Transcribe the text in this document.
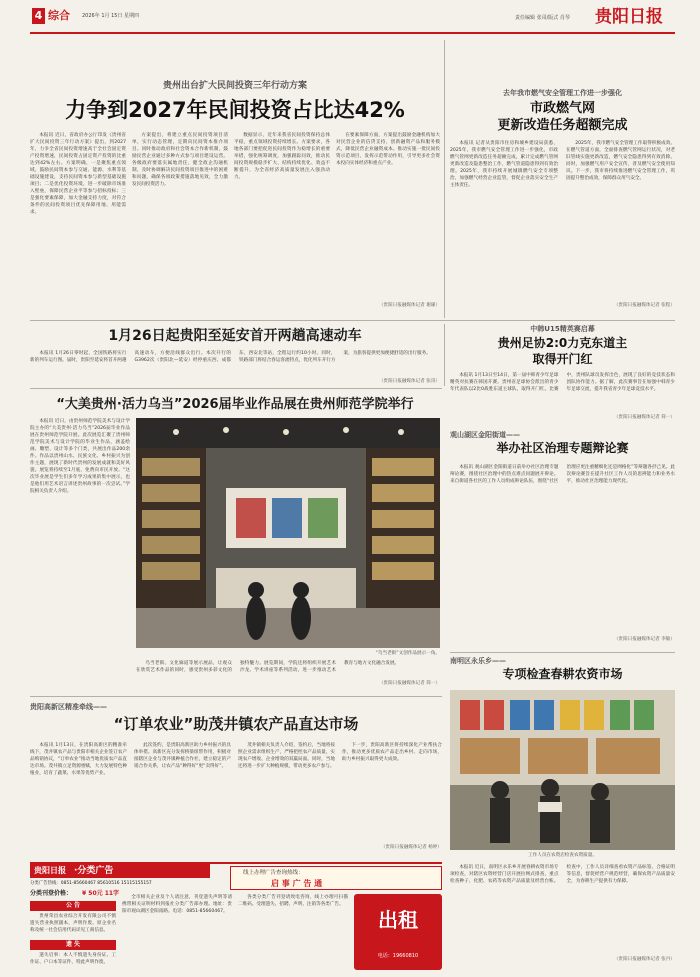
4 综合 2026年 1月 15日 星期四	责任编辑 张哥/版式 肖琴 贵阳日报
贵州出台扩大民间投资三年行动方案
力争到2027年民间投资占比达42%

本报讯 近日，省政府办公厅印发《贵州省扩大民间投资三年行动方案》提出，到2027年，力争全省民间投资增速高于全社会固定资产投资增速，民间投资占固定资产投资的比重达到42%左右。方案明确，一是聚焦重点领域，鼓励民间资本参与交通、能源、水利等基础设施建设，支持民间资本参与新型基础设施项目；二是优化投资环境，进一步破除市场准入壁垒，保障民营企业平等参与招标投标；三是强化要素保障，加大金融支持力度，对符合条件的民间投资项目优先保障用地、用能需求。

方案提出，将建立重点民间投资项目清单，实行动态管理，定期向民间资本推介项目。同时推动政府和社会资本合作新机制，鼓励民营企业通过多种方式参与项目建设运营。各级政府要落实属地责任，健全政企沟通机制，及时协调解决民间投资项目推进中的困难和问题，确保各项政策措施落地见效，全力激发民间投资活力。

数据显示，近年来我省民间投资保持总体平稳，重点领域投资持续增长。方案要求，各地各部门要把促进民间投资作为稳增长的重要举措，强化统筹调度，加强跟踪问效，推动民间投资规模稳步扩大、结构持续优化、效益不断提升，为全省经济高质量发展注入强劲动力。

在要素保障方面，方案提出鼓励金融机构加大对民营企业的信贷支持，创新融资产品和服务模式，降低民营企业融资成本。推动实施一批民间投资示范项目，发挥示范带动作用，引导更多社会资本投向实体经济和重点产业。

（贵阳日报融媒体记者 谢谦）
去年我市燃气安全管理工作进一步强化
市政燃气网
更新改造任务超额完成

本报讯 记者从贵阳市住房和城乡建设局获悉，2025年，我市燃气安全管理工作进一步强化，市政燃气管网更新改造任务超额完成，累计完成燃气管网更新改造及隐患整治工作，燃气管道隐患得到有效治理。2025年，我市持续开展城镇燃气安全专项整治，加强燃气经营企业监管，督促企业落实安全生产主体责任。

2025年，我市燃气安全管理工作取得积极成效。在燃气管道方面，全面排查燃气管网运行状况，对老旧管线实施更新改造，燃气安全隐患得到有效消除。同时，加强燃气用户安全宣传，普及燃气安全使用知识。下一步，我市将持续推进燃气安全管理工作，巩固提升整治成效，保障群众用气安全。

（贵阳日报融媒体记者 张程）
1月26日起贵阳至延安首开两趟高速动车

本报讯 1月26日零时起，全国铁路将实行新的列车运行图。届时，贵阳至延安将首开两趟高速动车，方便沿线群众出行。本次开行的G3962次（贵阳北—延安）经停重庆西、成都东、西安北等站，全程运行约10小时。同时，铁路部门将结合春运客流特点，优化列车开行方案，为旅客提供更加便捷舒适的出行服务。

（贵阳日报融媒体记者 张哥）
中韩U15精英赛启幕
贵州足协2:0力克东道主
取得开门红

本报讯 1月13日至14日，第一届中韩青少年足球精英对抗赛在韩国开赛。贵州省足球协会派出的青少年代表队以2比0战胜东道主球队，取得开门红。比赛中，贵州队球员发挥出色，展现了良好的竞技状态和团队协作能力。据了解，此次赛事旨在加强中韩青少年足球交流，提升我省青少年足球竞技水平。

（贵阳日报融媒体记者 简一）
“大美贵州·活力乌当”2026届毕业作品展在贵州师范学院举行

本报讯 近日，由贵州师范学院美术与设计学院主办的“大美贵州·活力乌当”2026届毕业作品展在贵州师范学院开展。此次展览汇聚了贵州师范学院美术与设计学院的毕业生作品，涵盖绘画、雕塑、设计等多个门类，共展出作品200余件。作品以贵州山水、民族文化、乡村振兴为创作主题，展现了新时代贵州的发展成就和美好风貌。展览将持续至1月底，免费向市民开放。“这次毕业展是学生们多年学习成果的集中展示，也是他们用艺术语言讲述贵州故事的一次尝试。”学院相关负责人介绍。

“乌当老街”文创作品展示一角。

乌当老街、文化廊道等展示展品，让观众在欣赏艺术作品的同时，感受贵州多彩文化的独特魅力。展览期间，学院还将组织开展艺术沙龙、学术讲座等系列活动，进一步推动艺术教育与地方文化融合发展。

（贵阳日报融媒体记者 简一）
观山湖区金阳街道——
举办社区治理专题辩论赛

本报讯 观山湖区金阳街道日前举办社区治理专题辩论赛，围绕社区治理中的热点难点问题展开辩论。来自街道各社区的工作人员组成辩论队伍，围绕“社区治理应更注重精细化还是网格化”等辩题各抒己见。此次辩论赛旨在提升社区工作人员的思辨能力和业务水平，推动社区治理能力现代化。

（贵阳日报融媒体记者 李敏）
南明区永乐乡——
专项检查春耕农资市场
工作人员在农资店检查农资质量。

本报讯 近日，南明区永乐乡开展春耕农资市场专项检查，对辖区农资经营门店开展拉网式排查，重点检查种子、化肥、农药等农资产品质量及经营台账。检查中，工作人员详细查看农资产品标签、合格证明等信息，督促经营户规范经营，确保农资产品质量安全，为春耕生产提供有力保障。

（贵阳日报融媒体记者 张丹）
贵阳高新区精准牵线——
“订单农业”助茂井镇农产品直达市场

本报讯 1月13日，在贵阳高新区的精准牵线下，茂井镇农产品与贵阳市相关企业签订农产品购销协议，“订单农业”推动当地优质农产品直达市场。茂井镇立足资源禀赋，大力发展特色种植业，培育了蔬菜、水果等优势产业。

此次签约，是贵阳高新区助力乡村振兴的具体举措。高新区充分发挥桥梁纽带作用，积极对接辖区企业与茂井镇种植合作社，建立稳定的产销合作关系，让农产品“种得好”更“卖得好”。

茂井镇相关负责人介绍，签约后，当地将按照企业需求组织生产，严格把控农产品质量，实现农户增收、企业增效的双赢局面。同时，当地还将进一步扩大种植规模，带动更多农户参与。

下一步，贵阳高新区将持续深化产业帮扶合作，推动更多优质农产品走出乡村、走向市场，助力乡村振兴取得更大成效。

（贵阳日报融媒体记者 杨婷）
贵阳日报 ·分类广告
分类广告热线：0851-85660467 85610516 15115155157
分类刊登价格： ¥ 50元 11字
线上办理广告查询热线：
启 事 广 告 通
公 告

贵州荣昌农业综合开发有限公司不慎遗失营业执照副本，声明作废。原企业名称及统一社会信用代码详见工商信息。

遗 失

遗失启事：本人不慎遗失身份证、工作证、户口本等证件，特此声明作废。

全市相关企业及个人请注意，刊登遗失声明等请携带相关证明材料到报社分类广告部办理。地址：贵阳市观山湖区金阳南路。电话：0851-85660467。

各类分类广告刊登请致电咨询，线上办理可扫描二维码。受理遗失、招聘、声明、注销等各类广告。

出租
电话：19660810
